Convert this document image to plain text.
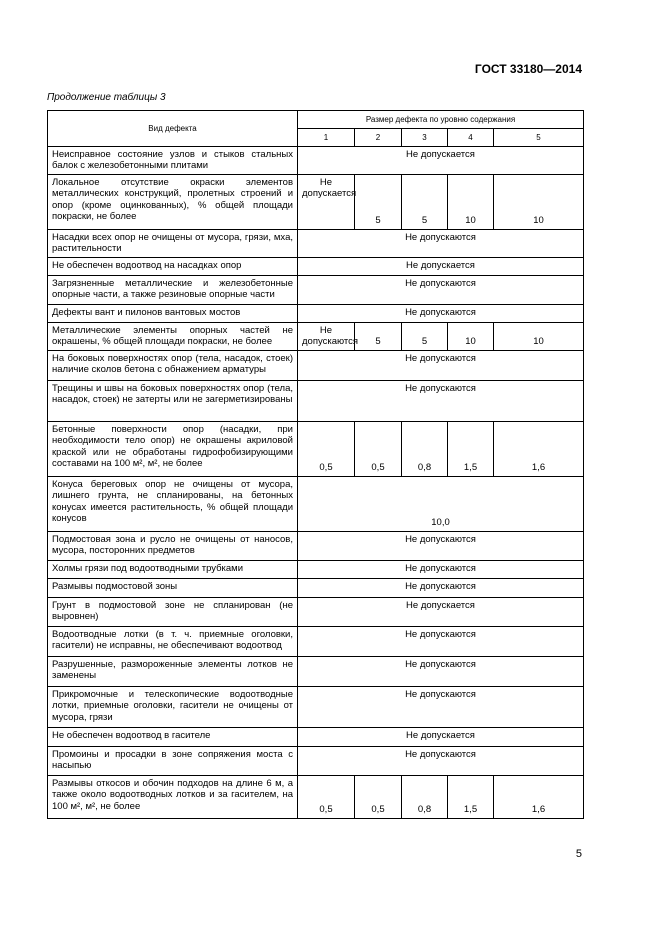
ГОСТ 33180—2014
Продолжение таблицы 3
Вид дефекта	Размер дефекта по уровню содержания				
	1	2	3	4	5
Неисправное состояние узлов и стыков стальных балок с железобетонными плитами	Не допускается				
Локальное отсутствие окраски элементов металлических конструкций, пролетных строений и опор (кроме оцинкованных), % общей площади покраски, не более	Не допускается	5	5	10	10
Насадки всех опор не очищены от мусора, грязи, мха, растительности	Не допускаются				
Не обеспечен водоотвод на насадках опор	Не допускается				
Загрязненные металлические и железобетонные опорные части, а также резиновые опорные части	Не допускаются				
Дефекты вант и пилонов вантовых мостов	Не допускаются				
Металлические элементы опорных частей не окрашены, % общей площади покраски, не более	Не допускаются	5	5	10	10
На боковых поверхностях опор (тела, насадок, стоек) наличие сколов бетона с обнажением арматуры	Не допускаются				
Трещины и швы на боковых поверхностях опор (тела, насадок, стоек) не затерты или не загерметизированы	Не допускаются				
Бетонные поверхности опор (насадки, при необходимости тело опор) не окрашены акриловой краской или не обработаны гидрофобизирующими составами на 100 м², м², не более	0,5	0,5	0,8	1,5	1,6
Конуса береговых опор не очищены от мусора, лишнего грунта, не спланированы, на бетонных конусах имеется растительность, % общей площади конусов	10,0				
Подмостовая зона и русло не очищены от наносов, мусора, посторонних предметов	Не допускаются				
Холмы грязи под водоотводными трубками	Не допускаются				
Размывы подмостовой зоны	Не допускаются				
Грунт в подмостовой зоне не спланирован (не выровнен)	Не допускается				
Водоотводные лотки (в т. ч. приемные оголовки, гасители) не исправны, не обеспечивают водоотвод	Не допускаются				
Разрушенные, размороженные элементы лотков не заменены	Не допускаются				
Прикромочные и телескопические водоотводные лотки, приемные оголовки, гасители не очищены от мусора, грязи	Не допускаются				
Не обеспечен водоотвод в гасителе	Не допускается				
Промоины и просадки в зоне сопряжения моста с насыпью	Не допускаются				
Размывы откосов и обочин подходов на длине 6 м, а также около водоотводных лотков и за гасителем, на 100 м², м², не более	0,5	0,5	0,8	1,5	1,6
5
